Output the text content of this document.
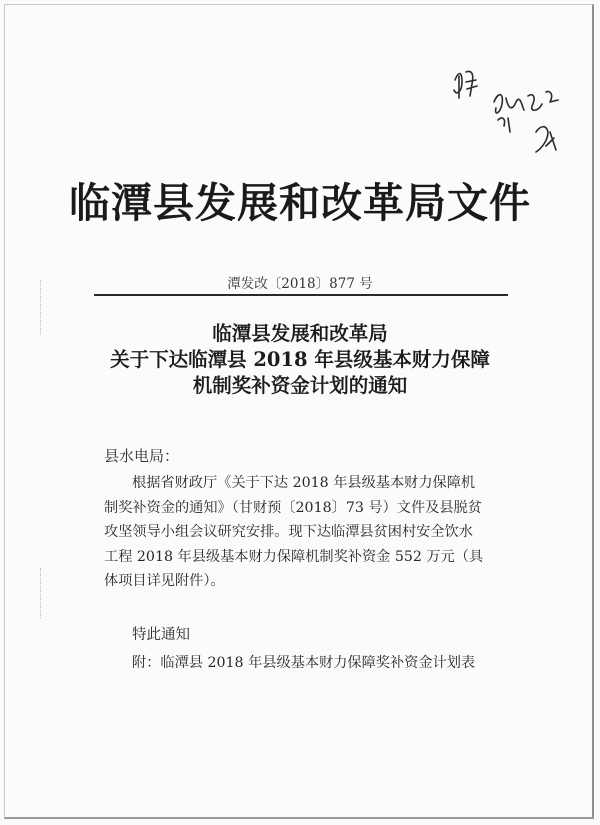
临潭县发展和改革局文件
潭发改〔2018〕877 号
临潭县发展和改革局
关于下达临潭县 2018 年县级基本财力保障
机制奖补资金计划的通知
县水电局：
根据省财政厅《关于下达 2018 年县级基本财力保障机
制奖补资金的通知》（甘财预〔2018〕73 号）文件及县脱贫
攻坚领导小组会议研究安排。现下达临潭县贫困村安全饮水
工程 2018 年县级基本财力保障机制奖补资金 552 万元（具
体项目详见附件）。
特此通知
附：临潭县 2018 年县级基本财力保障奖补资金计划表
